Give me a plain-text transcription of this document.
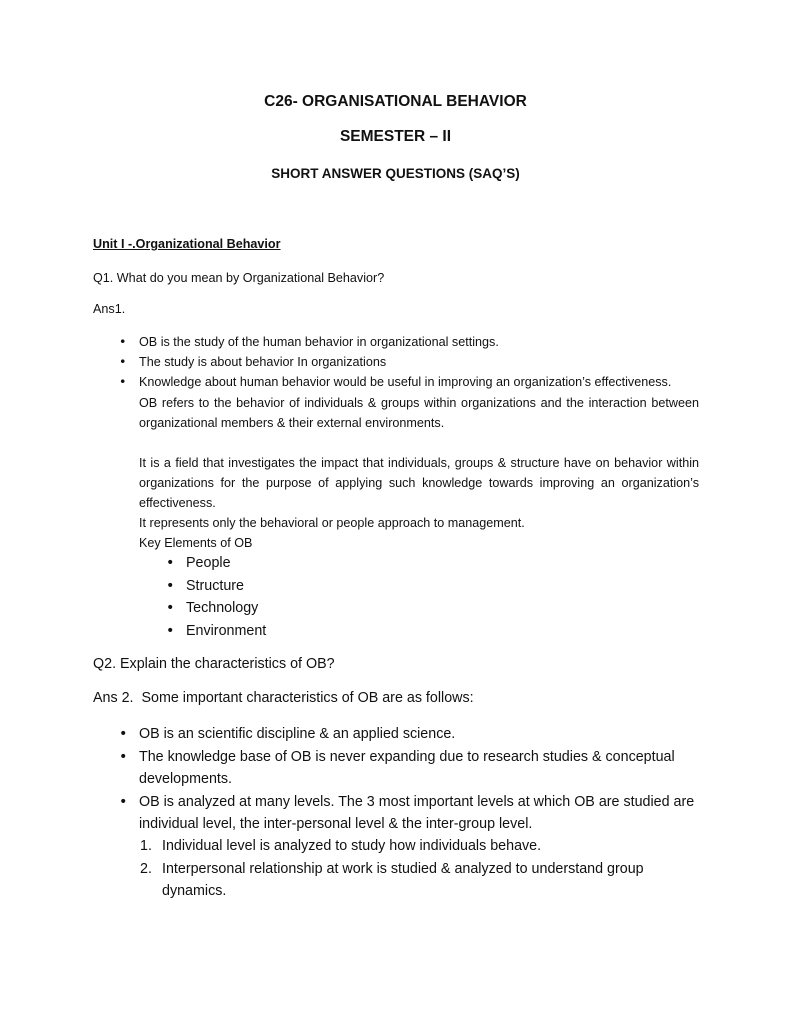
C26- ORGANISATIONAL BEHAVIOR
SEMESTER – II
SHORT ANSWER QUESTIONS (SAQ’S)
Unit I -.Organizational Behavior
Q1. What do you mean by Organizational Behavior?
Ans1.
• OB is the study of the human behavior in organizational settings.
• The study is about behavior In organizations
• Knowledge about human behavior would be useful in improving an organization’s effectiveness.
OB refers to the behavior of individuals & groups within organizations and the interaction between organizational members & their external environments.
It is a field that investigates the impact that individuals, groups & structure have on behavior within organizations for the purpose of applying such knowledge towards improving an organization’s effectiveness.
It represents only the behavioral or people approach to management.
Key Elements of OB
• People
• Structure
• Technology
• Environment
Q2. Explain the characteristics of OB?
Ans 2.  Some important characteristics of OB are as follows:
• OB is an scientific discipline & an applied science.
• The knowledge base of OB is never expanding due to research studies & conceptual developments.
• OB is analyzed at many levels. The 3 most important levels at which OB are studied are individual level, the inter-personal level & the inter-group level.
1. Individual level is analyzed to study how individuals behave.
2. Interpersonal relationship at work is studied & analyzed to understand group dynamics.
